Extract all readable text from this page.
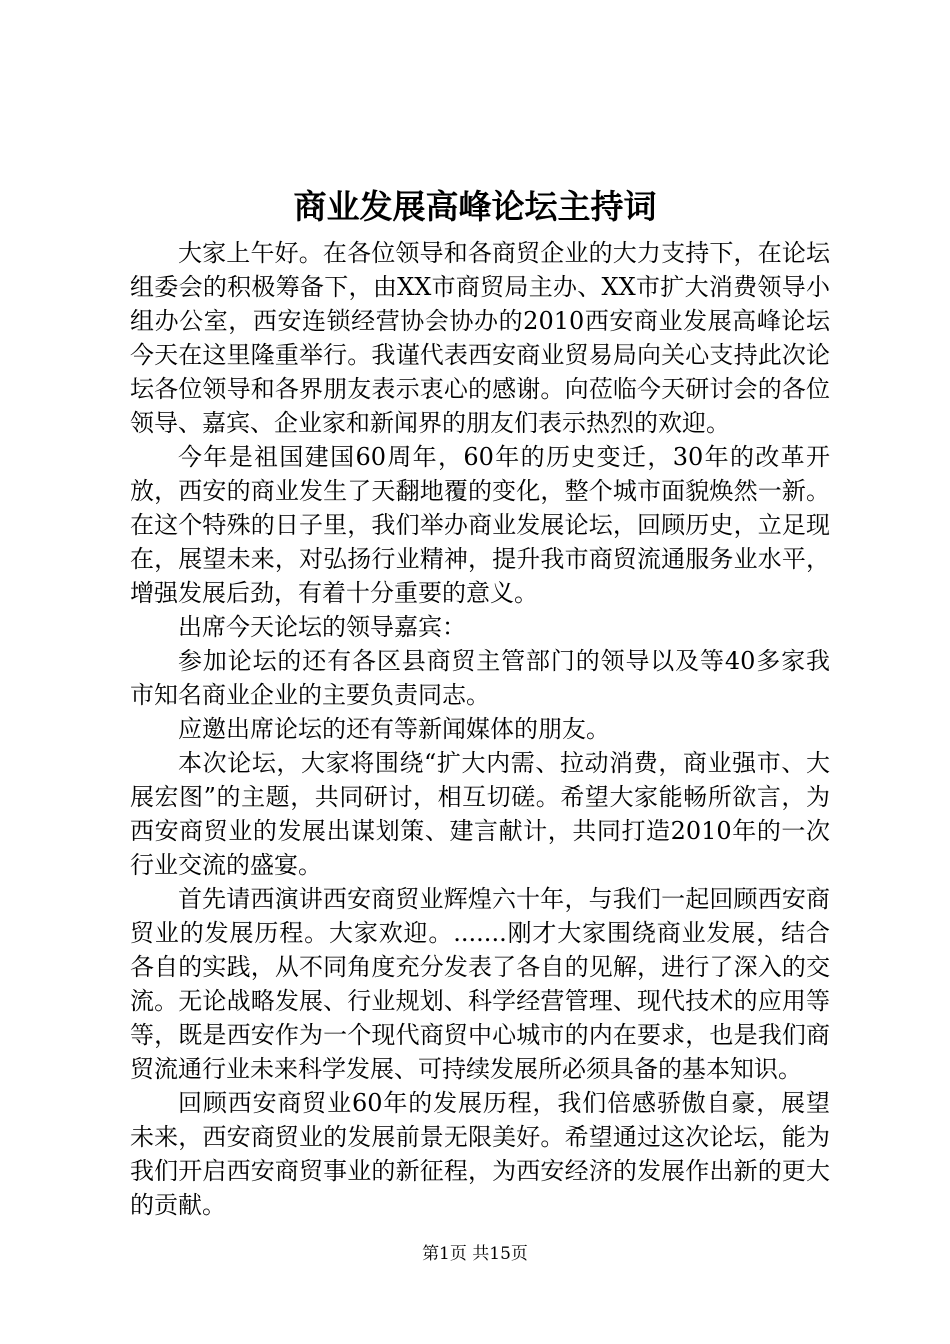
商业发展高峰论坛主持词

大家上午好。在各位领导和各商贸企业的大力支持下，在论坛组委会的积极筹备下，由XX市商贸局主办、XX市扩大消费领导小组办公室，西安连锁经营协会协办的2010西安商业发展高峰论坛今天在这里隆重举行。我谨代表西安商业贸易局向关心支持此次论坛各位领导和各界朋友表示衷心的感谢。向莅临今天研讨会的各位领导、嘉宾、企业家和新闻界的朋友们表示热烈的欢迎。

今年是祖国建国60周年，60年的历史变迁，30年的改革开放，西安的商业发生了天翻地覆的变化，整个城市面貌焕然一新。在这个特殊的日子里，我们举办商业发展论坛，回顾历史，立足现在，展望未来，对弘扬行业精神，提升我市商贸流通服务业水平，增强发展后劲，有着十分重要的意义。

出席今天论坛的领导嘉宾：

参加论坛的还有各区县商贸主管部门的领导以及等40多家我市知名商业企业的主要负责同志。

应邀出席论坛的还有等新闻媒体的朋友。

本次论坛，大家将围绕“扩大内需、拉动消费，商业强市、大展宏图”的主题，共同研讨，相互切磋。希望大家能畅所欲言，为西安商贸业的发展出谋划策、建言献计，共同打造2010年的一次行业交流的盛宴。

首先请西演讲西安商贸业辉煌六十年，与我们一起回顾西安商贸业的发展历程。大家欢迎。.......刚才大家围绕商业发展，结合各自的实践，从不同角度充分发表了各自的见解，进行了深入的交流。无论战略发展、行业规划、科学经营管理、现代技术的应用等等，既是西安作为一个现代商贸中心城市的内在要求，也是我们商贸流通行业未来科学发展、可持续发展所必须具备的基本知识。

回顾西安商贸业60年的发展历程，我们倍感骄傲自豪，展望未来，西安商贸业的发展前景无限美好。希望通过这次论坛，能为我们开启西安商贸事业的新征程，为西安经济的发展作出新的更大的贡献。

第1页 共15页
